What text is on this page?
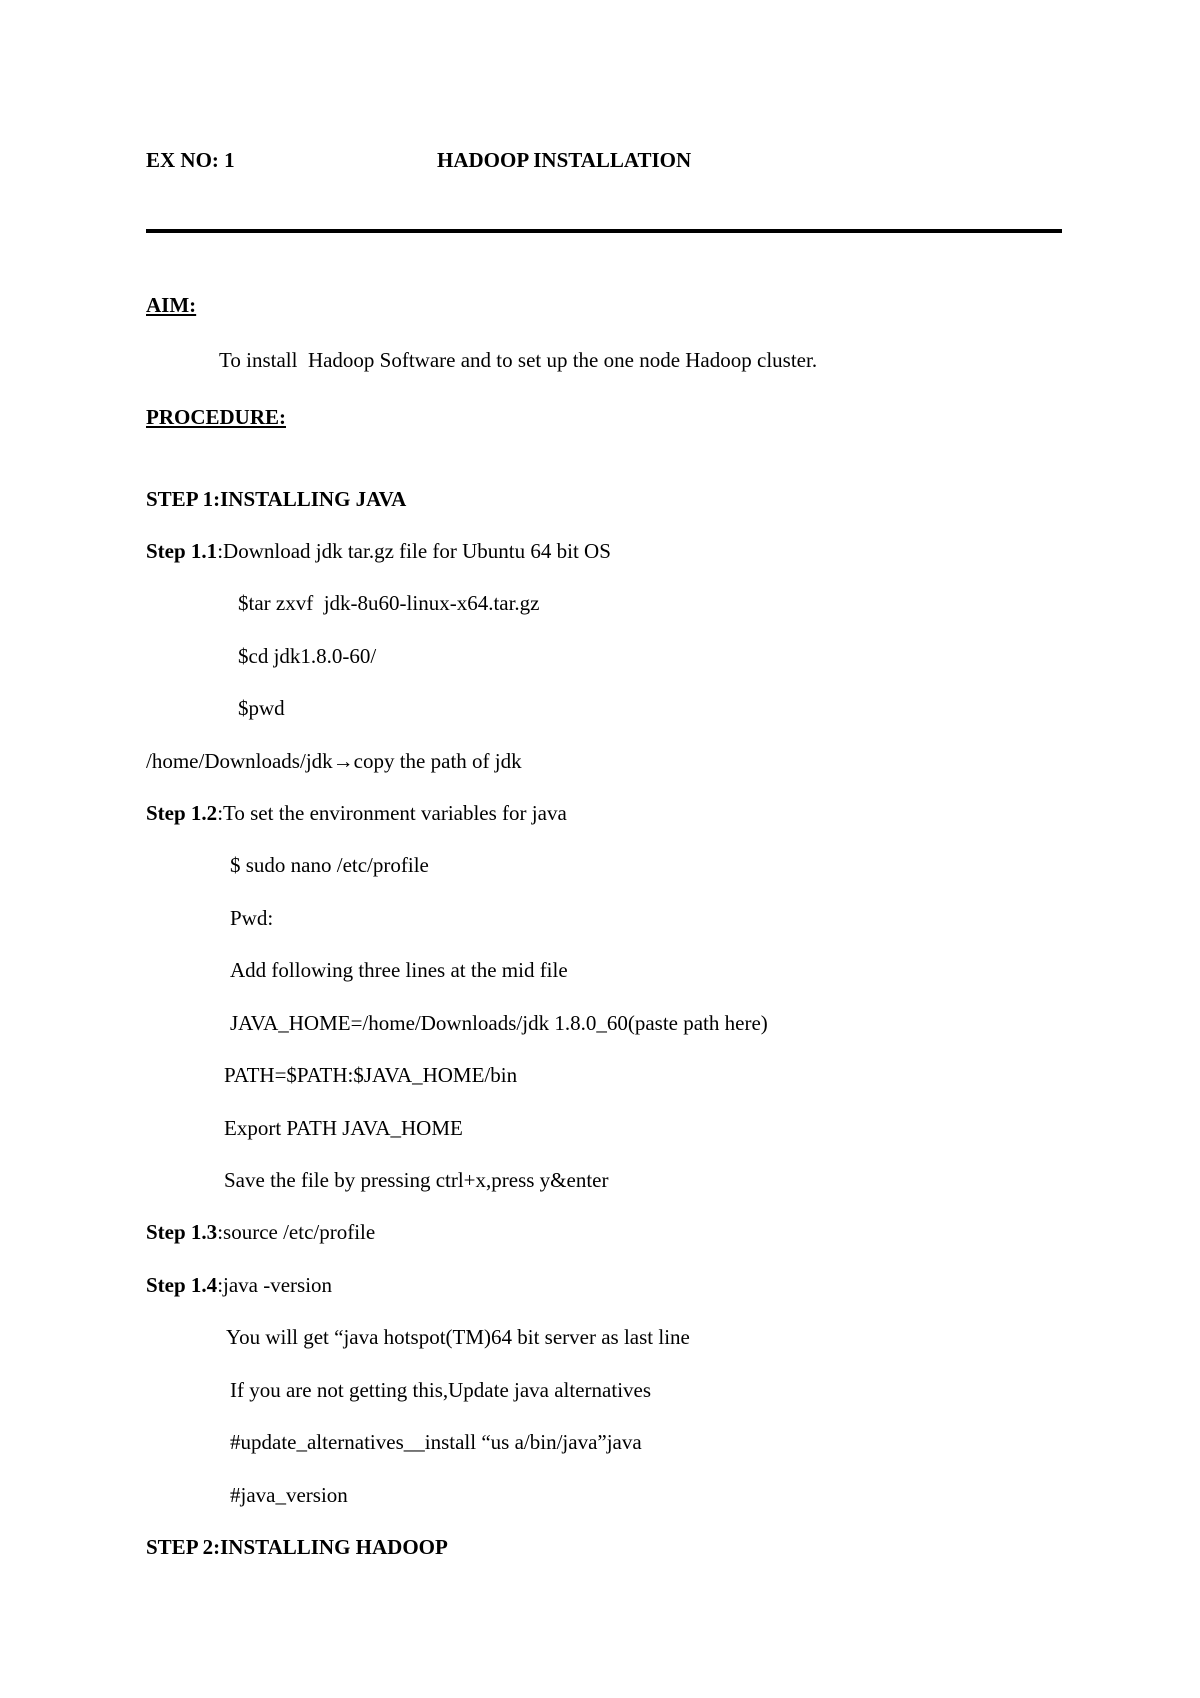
EX NO: 1	HADOOP INSTALLATION
AIM:
To install  Hadoop Software and to set up the one node Hadoop cluster.
PROCEDURE:
STEP 1:INSTALLING JAVA
Step 1.1:Download jdk tar.gz file for Ubuntu 64 bit OS
$tar zxvf  jdk-8u60-linux-x64.tar.gz
$cd jdk1.8.0-60/
$pwd
/home/Downloads/jdk→copy the path of jdk
Step 1.2:To set the environment variables for java
$ sudo nano /etc/profile
Pwd:
Add following three lines at the mid file
JAVA_HOME=/home/Downloads/jdk 1.8.0_60(paste path here)
PATH=$PATH:$JAVA_HOME/bin
Export PATH JAVA_HOME
Save the file by pressing ctrl+x,press y&enter
Step 1.3:source /etc/profile
Step 1.4:java -version
You will get “java hotspot(TM)64 bit server as last line
If you are not getting this,Update java alternatives
#update_alternatives__install “us a/bin/java”java
#java_version
STEP 2:INSTALLING HADOOP
